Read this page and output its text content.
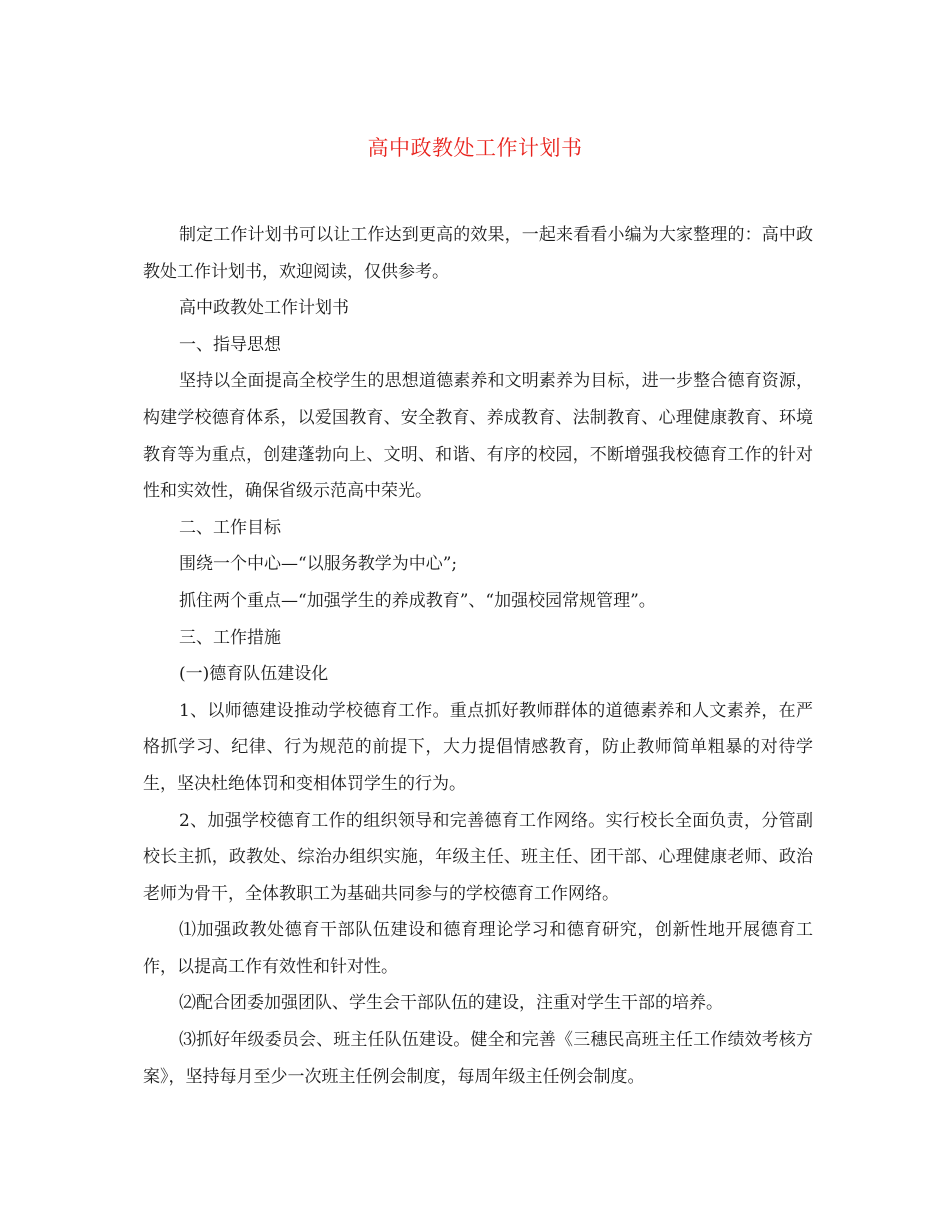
高中政教处工作计划书

制定工作计划书可以让工作达到更高的效果，一起来看看小编为大家整理的：高中政教处工作计划书，欢迎阅读，仅供参考。

高中政教处工作计划书

一、指导思想

坚持以全面提高全校学生的思想道德素养和文明素养为目标，进一步整合德育资源，构建学校德育体系，以爱国教育、安全教育、养成教育、法制教育、心理健康教育、环境教育等为重点，创建蓬勃向上、文明、和谐、有序的校园，不断增强我校德育工作的针对性和实效性，确保省级示范高中荣光。

二、工作目标

围绕一个中心—“以服务教学为中心”;

抓住两个重点—“加强学生的养成教育”、“加强校园常规管理”。

三、工作措施

(一)德育队伍建设化

1、以师德建设推动学校德育工作。重点抓好教师群体的道德素养和人文素养，在严格抓学习、纪律、行为规范的前提下，大力提倡情感教育，防止教师简单粗暴的对待学生，坚决杜绝体罚和变相体罚学生的行为。

2、加强学校德育工作的组织领导和完善德育工作网络。实行校长全面负责，分管副校长主抓，政教处、综治办组织实施，年级主任、班主任、团干部、心理健康老师、政治老师为骨干，全体教职工为基础共同参与的学校德育工作网络。

⑴加强政教处德育干部队伍建设和德育理论学习和德育研究，创新性地开展德育工作，以提高工作有效性和针对性。

⑵配合团委加强团队、学生会干部队伍的建设，注重对学生干部的培养。

⑶抓好年级委员会、班主任队伍建设。健全和完善《三穗民高班主任工作绩效考核方案》，坚持每月至少一次班主任例会制度，每周年级主任例会制度。
